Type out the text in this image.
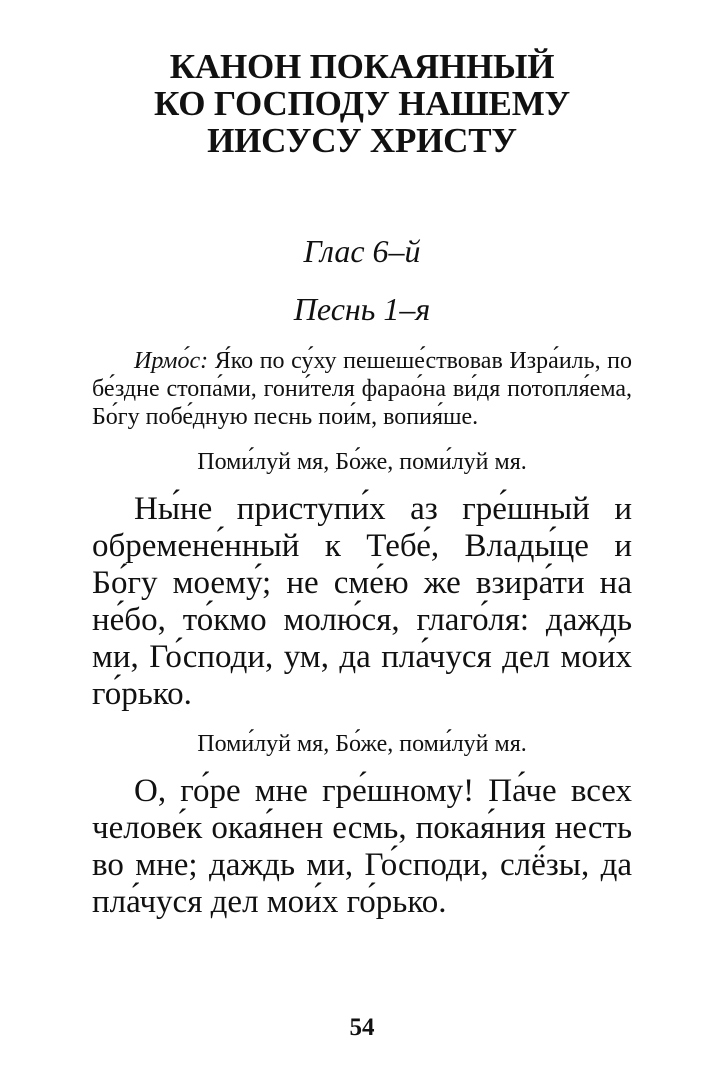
КАНОН ПОКАЯННЫЙ
КО ГОСПОДУ НАШЕМУ
ИИСУСУ ХРИСТУ
Глас 6–й
Песнь 1–я

Ирмо́с: Я́ко по су́ху пешеше́ствовав Изра́иль, по бе́здне стопа́ми, гони́теля фарао́на ви́дя потопля́ема, Бо́гу побе́дную песнь пои́м, вопия́ше.

Поми́луй мя, Бо́же, поми́луй мя.

Ны́не приступи́х аз гре́шный и обремене́нный к Тебе́, Влады́це и Бо́гу моему́; не сме́ю же взира́ти на не́бо, то́кмо молю́ся, глаго́ля: даждь ми, Го́споди, ум, да пла́чуся дел мои́х го́рько.

Поми́луй мя, Бо́же, поми́луй мя.

О, го́ре мне гре́шному! Па́че всех челове́к окая́нен есмь, покая́ния несть во мне; даждь ми, Го́споди, слё́зы, да пла́чуся дел мои́х го́рько.

54
